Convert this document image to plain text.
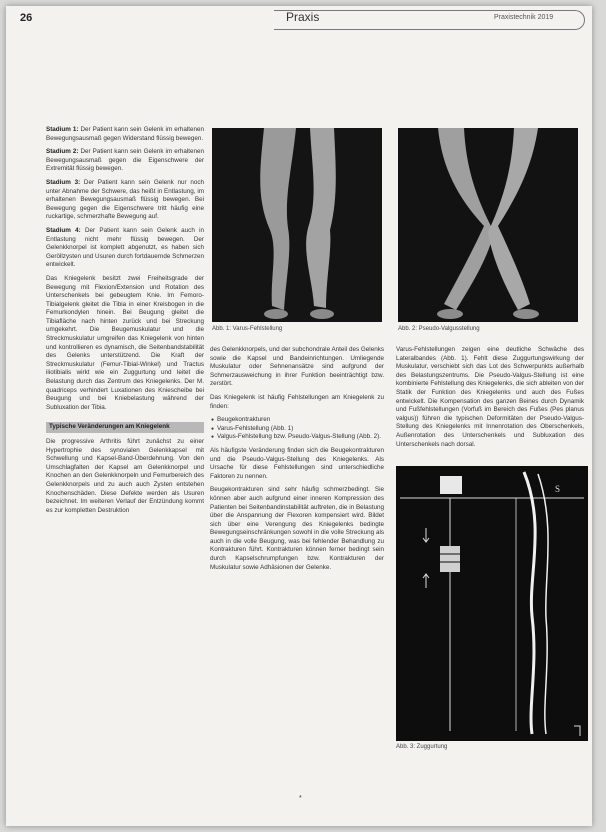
26	Praxis	Praxistechnik 2019

Stadium 1: Der Patient kann sein Gelenk im erhaltenen Bewegungsausmaß gegen Widerstand flüssig bewegen.

Stadium 2: Der Patient kann sein Gelenk im erhaltenen Bewegungsausmaß gegen die Eigenschwere der Extremität flüssig bewegen.

Stadium 3: Der Patient kann sein Gelenk nur noch unter Abnahme der Schwere, das heißt in Entlastung, im erhaltenen Bewegungsausmaß flüssig bewegen. Bei Bewegung gegen die Eigenschwere tritt häufig eine ruckartige, schmerzhafte Bewegung auf.

Stadium 4: Der Patient kann sein Gelenk auch in Entlastung nicht mehr flüssig bewegen. Der Gelenkknorpel ist komplett abgenutzt, es haben sich Geröllzysten und Usuren durch fortdauernde Schmerzen entwickelt.

Das Kniegelenk besitzt zwei Freiheitsgrade der Bewegung mit Flexion/Extension und Rotation des Unterschenkels bei gebeugtem Knie. Im Femoro-Tibialgelenk gleitet die Tibia in einer Kreisbogen in die Femurkondylen hinein. Bei Beugung gleitet die Tibiafläche nach hinten zurück und bei Streckung umgekehrt. Die Beugemuskulatur und die Streckmuskulatur umgreifen das Kniegelenk von hinten und kontrollieren es dynamisch, die Seitenbandstabilität des Gelenks unterstützend. Die Kraft der Streckmuskulatur (Femur-Tibial-Winkel) und Tractus iliotibialis wirkt wie ein Zuggurtung und leitet die Belastung durch das Zentrum des Kniegelenks. Der M. quadriceps verhindert Luxationen des Kniescheibe bei Beugung und bei Kniebelastung während der Subluxation der Tibia.

Typische Veränderungen am Kniegelenk

Die progressive Arthritis führt zunächst zu einer Hypertrophie des synovialen Gelenkkapsel mit Schwellung und Kapsel-Band-Überdehnung. Von den Umschlagfalten der Kapsel am Gelenkknorpel und Knochen an den Gelenkknorpeln und Femurbereich des Gelenkknorpels und zu auch auch Zysten entstehen Knochenschäden. Diese Defekte werden als Usuren bezeichnet. Im weiteren Verlauf der Entzündung kommt es zur kompletten Destruktion

Abb. 1: Varus-Fehlstellung	Abb. 2: Pseudo-Valgusstellung

des Gelenkknorpels, und der subchondrale Anteil des Gelenks sowie die Kapsel und Bandeinrichtungen. Umliegende Muskulatur oder Sehnenansätze sind aufgrund der Schmerzausweichung in ihrer Funktion beeinträchtigt bzw. zerstört.

Das Kniegelenk ist häufig Fehlstellungen am Kniegelenk zu finden:

● Beugekontrakturen
● Varus-Fehlstellung (Abb. 1)
● Valgus-Fehlstellung bzw. Pseudo-Valgus-Stellung (Abb. 2).

Als häufigste Veränderung finden sich die Beugekontrakturen und die Pseudo-Valgus-Stellung des Kniegelenks. Als Ursache für diese Fehlstellungen sind unterschiedliche Faktoren zu nennen.

Beugekontrakturen sind sehr häufig schmerzbedingt. Sie können aber auch aufgrund einer inneren Kompression des Patienten bei Seitenbandinstabilität auftreten, die in Belastung über die Anspannung der Flexoren kompensiert wird. Bildet sich über eine Verengung des Kniegelenks bedingte Bewegungseinschränkungen sowohl in die volle Streckung als auch in die volle Beugung, was bei fehlender Behandlung zu Kontrakturen führt. Kontrakturen können ferner bedingt sein durch Kapselschrumpfungen bzw. Kontrakturen der Muskulatur sowie Adhäsionen der Gelenke.

Varus-Fehlstellungen zeigen eine deutliche Schwäche des Lateralbandes (Abb. 1). Fehlt diese Zuggurtungswirkung der Muskulatur, verschiebt sich das Lot des Schwerpunkts außerhalb des Belastungszentrums. Die Pseudo-Valgus-Stellung ist eine kombinierte Fehlstellung des Kniegelenks, die sich ableiten von der Statik der Funktion des Kniegelenks und auch des Fußes entwickelt. Die Kompensation des ganzen Beines durch Dynamik und Fußfehlstellungen (Vorfuß im Bereich des Fußes (Pes planus valgus)) führen die typischen Deformitäten der Pseudo-Valgus-Stellung des Kniegelenks mit Innenrotation des Oberschenkels, Außenrotation des Unterschenkels und Subluxation des Unterschenkels nach dorsal.

S
Abb. 3: Zuggurtung
*
